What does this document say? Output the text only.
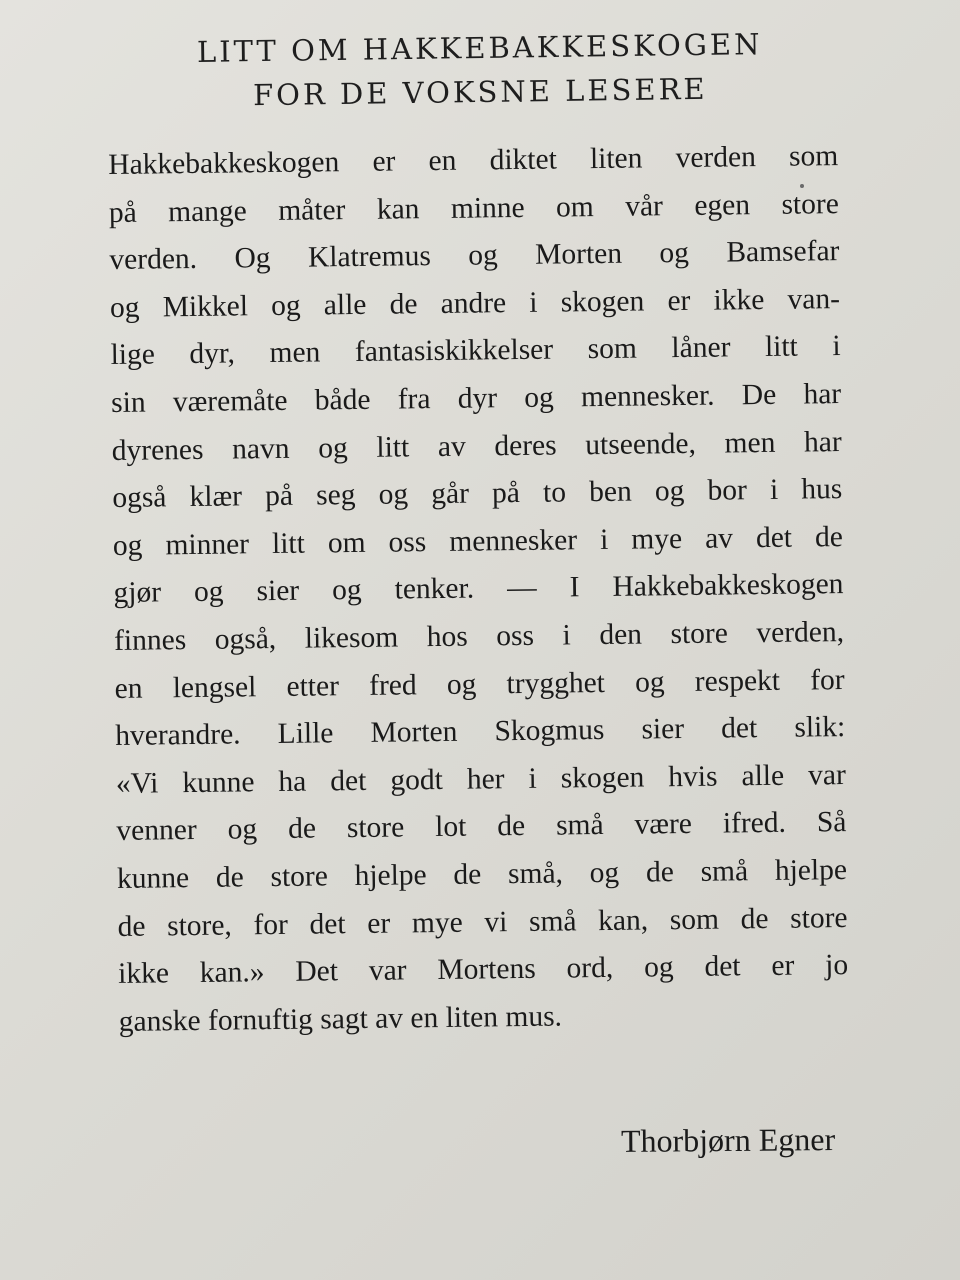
LITT OM HAKKEBAKKESKOGEN
FOR DE VOKSNE LESERE
Hakkebakkeskogen er en diktet liten verden som
på mange måter kan minne om vår egen store
verden. Og Klatremus og Morten og Bamsefar
og Mikkel og alle de andre i skogen er ikke van-
lige dyr, men fantasiskikkelser som låner litt i
sin væremåte både fra dyr og mennesker. De har
dyrenes navn og litt av deres utseende, men har
også klær på seg og går på to ben og bor i hus
og minner litt om oss mennesker i mye av det de
gjør og sier og tenker. — I Hakkebakkeskogen
finnes også, likesom hos oss i den store verden,
en lengsel etter fred og trygghet og respekt for
hverandre. Lille Morten Skogmus sier det slik:
«Vi kunne ha det godt her i skogen hvis alle var
venner og de store lot de små være ifred. Så
kunne de store hjelpe de små, og de små hjelpe
de store, for det er mye vi små kan, som de store
ikke kan.» Det var Mortens ord, og det er jo
ganske fornuftig sagt av en liten mus.
Thorbjørn Egner
